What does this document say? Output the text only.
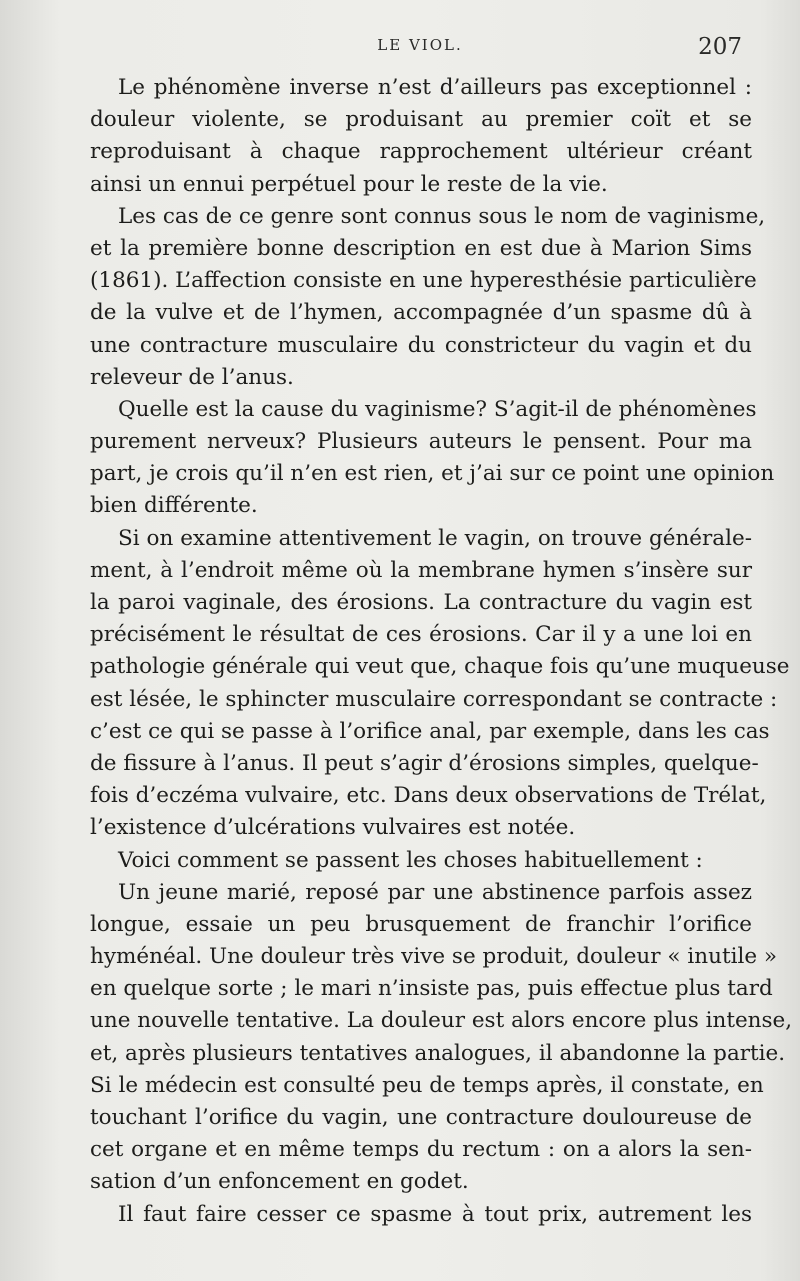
LE VIOL.	207
Le phénomène inverse n’est d’ailleurs pas exceptionnel :
douleur violente, se produisant au premier coït et se
reproduisant à chaque rapprochement ultérieur créant
ainsi un ennui perpétuel pour le reste de la vie.
Les cas de ce genre sont connus sous le nom de vaginisme,
et la première bonne description en est due à Marion Sims
(1861). L’affection consiste en une hyperesthésie particulière
de la vulve et de l’hymen, accompagnée d’un spasme dû à
une contracture musculaire du constricteur du vagin et du
releveur de l’anus.
Quelle est la cause du vaginisme? S’agit-il de phénomènes
purement nerveux? Plusieurs auteurs le pensent. Pour ma
part, je crois qu’il n’en est rien, et j’ai sur ce point une opinion
bien différente.
Si on examine attentivement le vagin, on trouve générale-
ment, à l’endroit même où la membrane hymen s’insère sur
la paroi vaginale, des érosions. La contracture du vagin est
précisément le résultat de ces érosions. Car il y a une loi en
pathologie générale qui veut que, chaque fois qu’une muqueuse
est lésée, le sphincter musculaire correspondant se contracte :
c’est ce qui se passe à l’orifice anal, par exemple, dans les cas
de fissure à l’anus. Il peut s’agir d’érosions simples, quelque-
fois d’eczéma vulvaire, etc. Dans deux observations de Trélat,
l’existence d’ulcérations vulvaires est notée.
Voici comment se passent les choses habituellement :
Un jeune marié, reposé par une abstinence parfois assez
longue, essaie un peu brusquement de franchir l’orifice
hyménéal. Une douleur très vive se produit, douleur « inutile »
en quelque sorte ; le mari n’insiste pas, puis effectue plus tard
une nouvelle tentative. La douleur est alors encore plus intense,
et, après plusieurs tentatives analogues, il abandonne la partie.
Si le médecin est consulté peu de temps après, il constate, en
touchant l’orifice du vagin, une contracture douloureuse de
cet organe et en même temps du rectum : on a alors la sen-
sation d’un enfoncement en godet.
Il faut faire cesser ce spasme à tout prix, autrement les
